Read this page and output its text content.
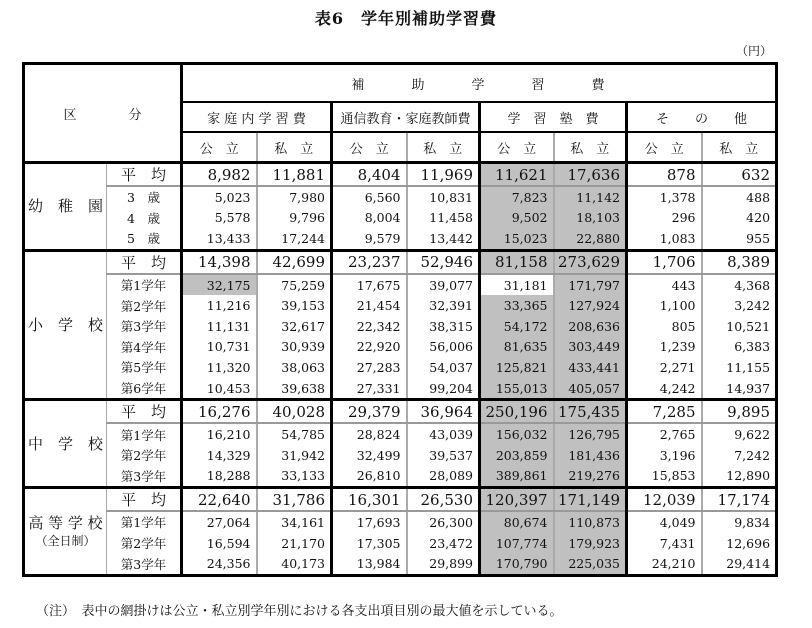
表6　学年別補助学習費
（円）
区　　　　分		補　　　助　　　学　　　習　　　費							
		家 庭 内 学 習 費		通信教育・家庭教師費		学　習　塾　費		そ　　の　　他	
		公　立	私　立	公　立	私　立	公　立	私　立	公　立	私　立

幼　稚　園	平　均	8,982	11,881	8,404	11,969	11,621	17,636	878	632
	3　歳	5,023	7,980	6,560	10,831	7,823	11,142	1,378	488
	4　歳	5,578	9,796	8,004	11,458	9,502	18,103	296	420
	5　歳	13,433	17,244	9,579	13,442	15,023	22,880	1,083	955

小　学　校	平　均	14,398	42,699	23,237	52,946	81,158	273,629	1,706	8,389
	第1学年	32,175	75,259	17,675	39,077	31,181	171,797	443	4,368
	第2学年	11,216	39,153	21,454	32,391	33,365	127,924	1,100	3,242
	第3学年	11,131	32,617	22,342	38,315	54,172	208,636	805	10,521
	第4学年	10,731	30,939	22,920	56,006	81,635	303,449	1,239	6,383
	第5学年	11,320	38,063	27,283	54,037	125,821	433,441	2,271	11,155
	第6学年	10,453	39,638	27,331	99,204	155,013	405,057	4,242	14,937

中　学　校	平　均	16,276	40,028	29,379	36,964	250,196	175,435	7,285	9,895
	第1学年	16,210	54,785	28,824	43,039	156,032	126,795	2,765	9,622
	第2学年	14,329	31,942	32,499	39,537	203,859	181,436	3,196	7,242
	第3学年	18,288	33,133	26,810	28,089	389,861	219,276	15,853	12,890

高 等 学 校
（全日制）	平　均	22,640	31,786	16,301	26,530	120,397	171,149	12,039	17,174
	第1学年	27,064	34,161	17,693	26,300	80,674	110,873	4,049	9,834
	第2学年	16,594	21,170	17,305	23,472	107,774	179,923	7,431	12,696
	第3学年	24,356	40,173	13,984	29,899	170,790	225,035	24,210	29,414
（注）　表中の網掛けは公立・私立別学年別における各支出項目別の最大値を示している。
